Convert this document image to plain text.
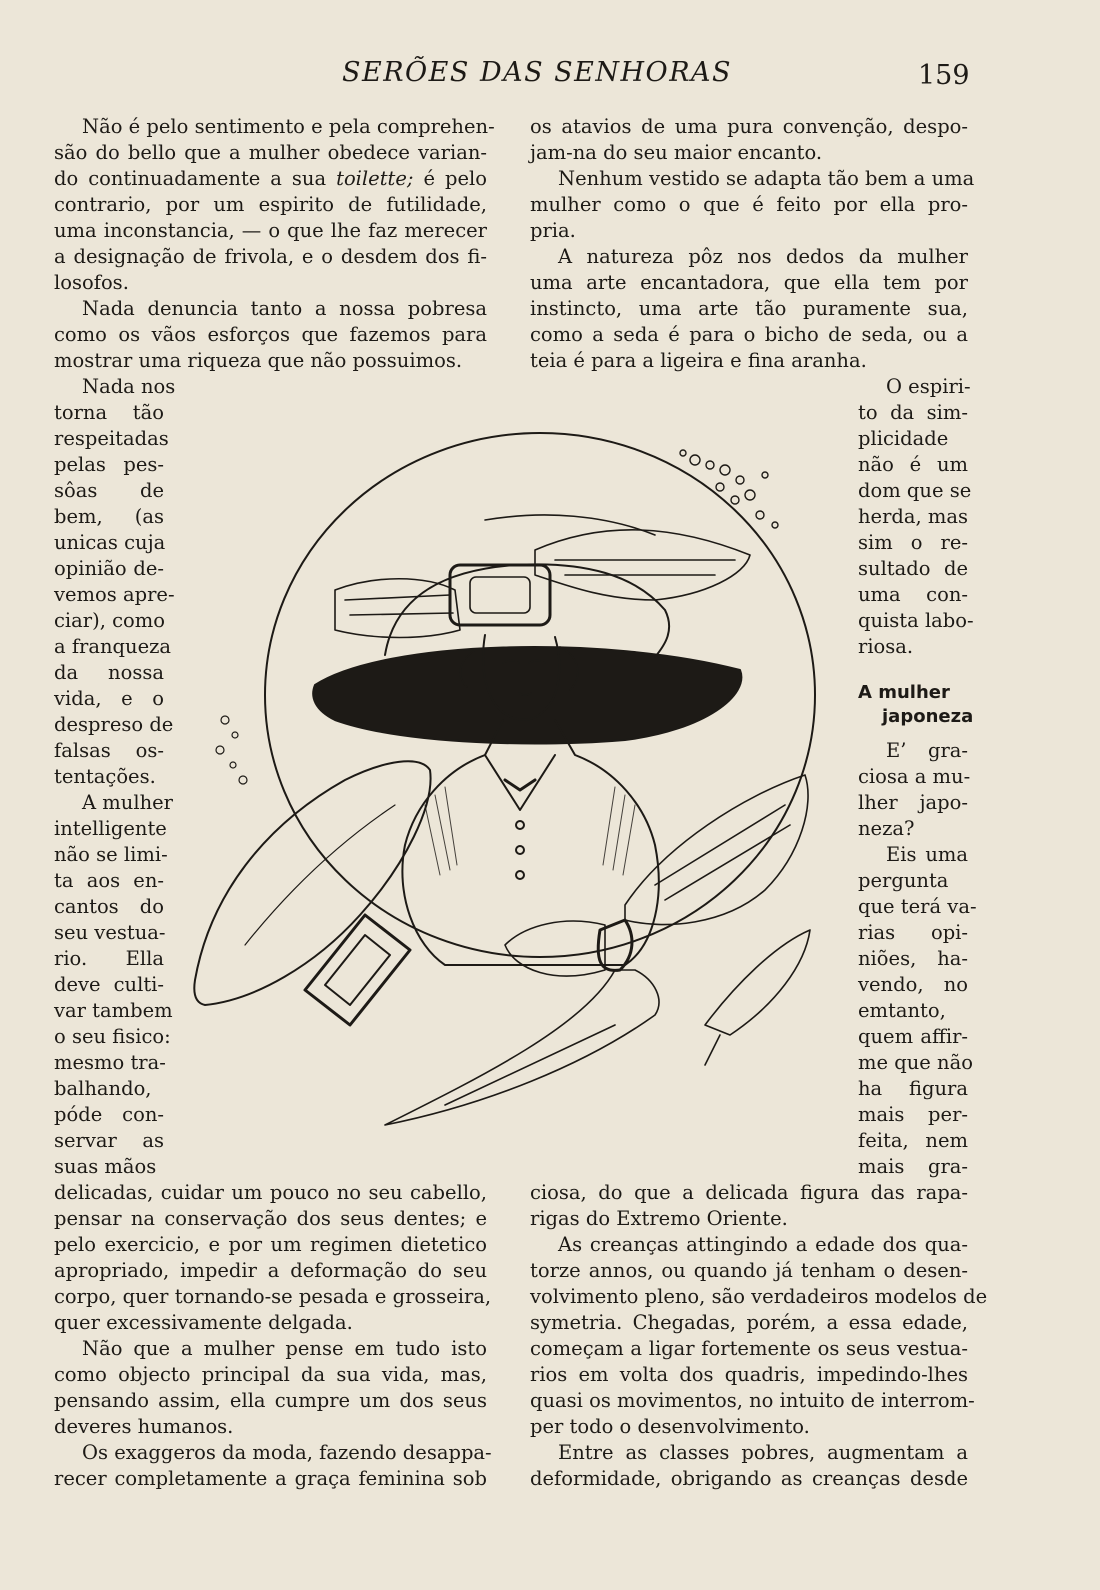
SERÕES DAS SENHORAS	159
Não é pelo sentimento e pela comprehen-
são do bello que a mulher obedece varian-
do continuadamente a sua toilette; é pelo
contrario, por um espirito de futilidade,
uma inconstancia, — o que lhe faz merecer
a designação de frivola, e o desdem dos fi-
losofos.
Nada denuncia tanto a nossa pobresa
como os vãos esforços que fazemos para
mostrar uma riqueza que não possuimos.
Nada nos
torna tão
respeitadas
pelas pes-
sôas de
bem, (as
unicas cuja
opinião de-
vemos apre-
ciar), como
a franqueza
da nossa
vida, e o
despreso de
falsas os-
tentações.
A mulher
intelligente
não se limi-
ta aos en-
cantos do
seu vestua-
rio. Ella
deve culti-
var tambem
o seu fisico:
mesmo tra-
balhando,
póde con-
servar as
suas mãos
delicadas, cuidar um pouco no seu cabello,
pensar na conservação dos seus dentes; e
pelo exercicio, e por um regimen dietetico
apropriado, impedir a deformação do seu
corpo, quer tornando-se pesada e grosseira,
quer excessivamente delgada.
Não que a mulher pense em tudo isto
como objecto principal da sua vida, mas,
pensando assim, ella cumpre um dos seus
deveres humanos.
Os exaggeros da moda, fazendo desappa-
recer completamente a graça feminina sob
os atavios de uma pura convenção, despo-
jam-na do seu maior encanto.
Nenhum vestido se adapta tão bem a uma
mulher como o que é feito por ella pro-
pria.
A natureza pôz nos dedos da mulher
uma arte encantadora, que ella tem por
instincto, uma arte tão puramente sua,
como a seda é para o bicho de seda, ou a
teia é para a ligeira e fina aranha.
O espiri-
to da sim-
plicidade
não é um
dom que se
herda, mas
sim o re-
sultado de
uma con-
quista labo-
riosa.
E’ gra-
ciosa a mu-
lher japo-
neza?
Eis uma
pergunta
que terá va-
rias opi-
niões, ha-
vendo, no
emtanto,
quem affir-
me que não
ha figura
mais per-
feita, nem
mais gra-
ciosa, do que a delicada figura das rapa-
rigas do Extremo Oriente.
As creanças attingindo a edade dos qua-
torze annos, ou quando já tenham o desen-
volvimento pleno, são verdadeiros modelos de
symetria. Chegadas, porém, a essa edade,
começam a ligar fortemente os seus vestua-
rios em volta dos quadris, impedindo-lhes
quasi os movimentos, no intuito de interrom-
per todo o desenvolvimento.
Entre as classes pobres, augmentam a
deformidade, obrigando as creanças desde
A mulher
japoneza
